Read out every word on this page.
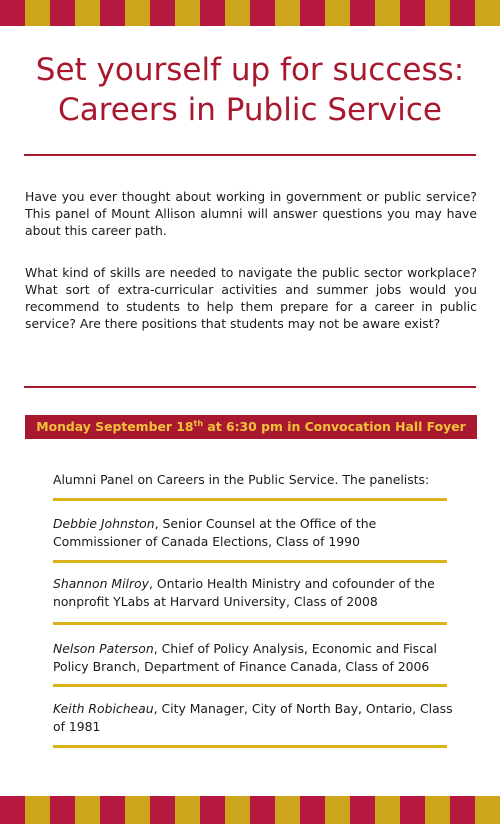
Set yourself up for success:
Careers in Public Service

Have you ever thought about working in government or public service? This panel of Mount Allison alumni will answer questions you may have about this career path.

What kind of skills are needed to navigate the public sector workplace? What sort of extra-curricular activities and summer jobs would you recommend to students to help them prepare for a career in public service? Are there positions that students may not be aware exist?

Monday September 18th at 6:30 pm in Convocation Hall Foyer

Alumni Panel on Careers in the Public Service. The panelists:

Debbie Johnston, Senior Counsel at the Office of the Commissioner of Canada Elections, Class of 1990

Shannon Milroy, Ontario Health Ministry and cofounder of the nonprofit YLabs at Harvard University, Class of 2008

Nelson Paterson, Chief of Policy Analysis, Economic and Fiscal Policy Branch, Department of Finance Canada, Class of 2006

Keith Robicheau, City Manager, City of North Bay, Ontario, Class of 1981
